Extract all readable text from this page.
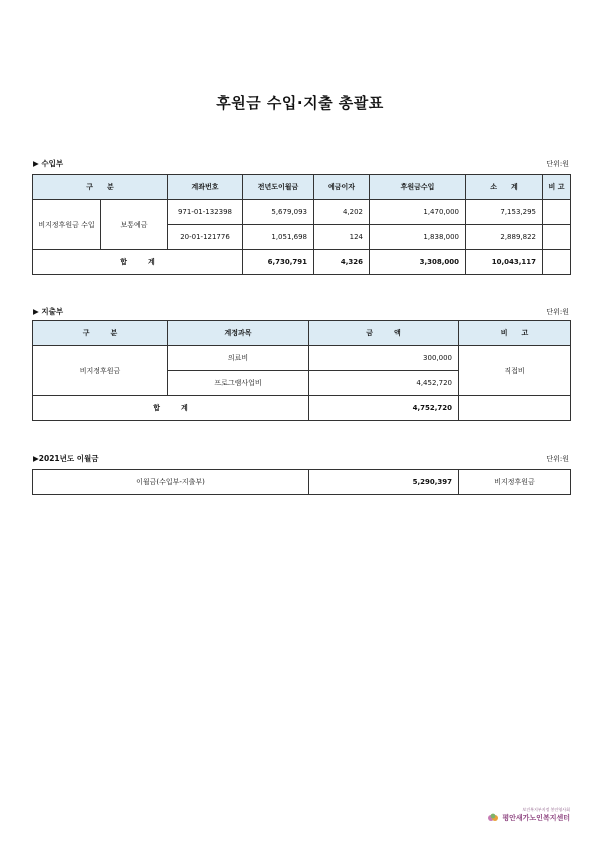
후원금 수입·지출 총괄표
▶ 수입부	단위:원
구　　분		계좌번호	전년도이월금	예금이자	후원금수입	소　　계	비 고
비지정후원금 수입	보통예금	971-01-132398	5,679,093	4,202	1,470,000	7,153,295	
		20-01-121776	1,051,698	124	1,838,000	2,889,822	
합　　　계			6,730,791	4,326	3,308,000	10,043,117	
▶ 지출부	단위:원
구　　　분	계정과목	금　　　액	비　　고
비지정후원금	의료비	300,000	직접비
	프로그램사업비	4,452,720	
합　　　계		4,752,720	
▶2021년도 이월금	단위:원
이월금(수입부-지출부)	5,290,397	비지정후원금
보건복지부지정 봉안영사회
평안새가노인복지센터
